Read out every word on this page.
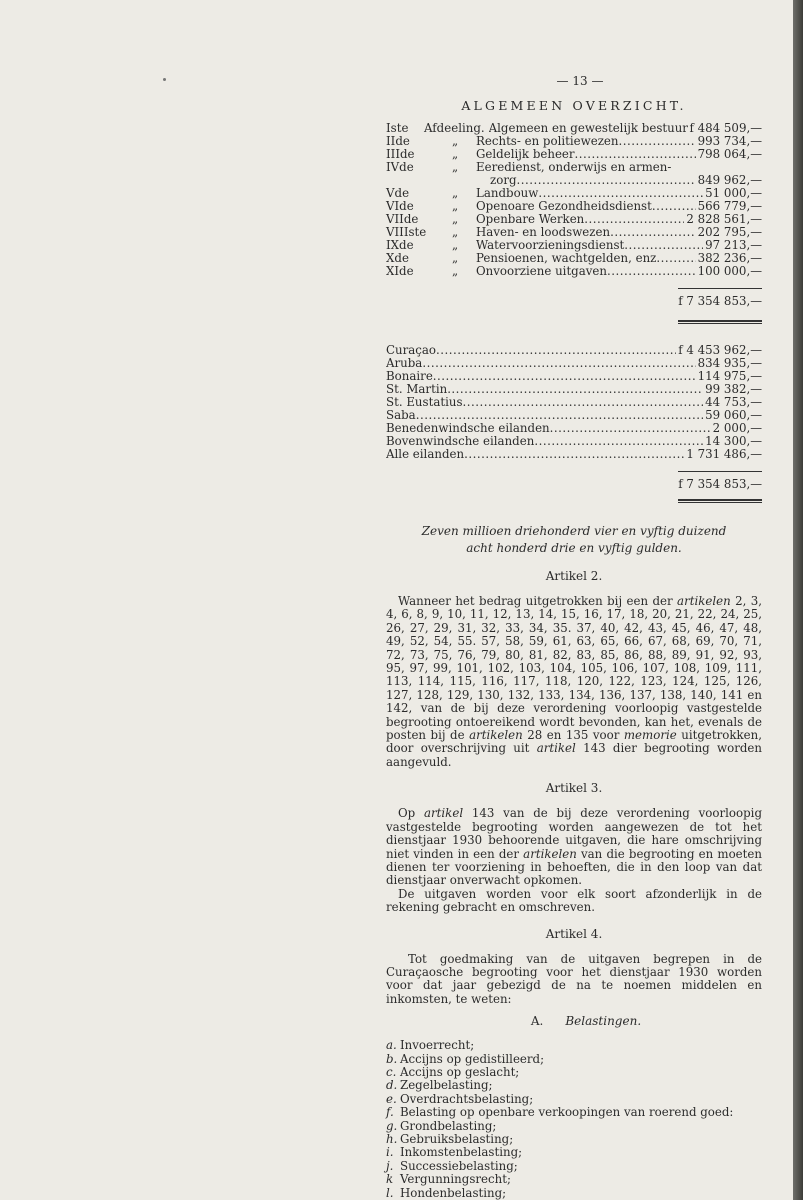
— 13 —
ALGEMEEN OVERZICHT.
Iste	Afdeeling. Algemeen en gewestelijk bestuur f 484 509,—
IIde	„	Rechts- en politiewezen .....	993 734,—
IIIde	„	Geldelijk beheer .....	798 064,—
IVde	„	Eeredienst, onderwijs en armen-
zorg .....	849 962,—
Vde	„	Landbouw .....	51 000,—
VIde	„	Openoare Gezondheidsdienst .....	566 779,—
VIIde	„	Openbare Werken .....	2 828 561,—
VIIIste	„	Haven- en loodswezen .....	202 795,—
IXde	„	Watervoorzieningsdienst .....	97 213,—
Xde	„	Pensioenen, wachtgelden, enz .....	382 236,—
XIde	„	Onvoorziene uitgaven .....	100 000,—
f 7 354 853,—
Curaçao .....	f 4 453 962,—
Aruba .....	834 935,—
Bonaire .....	114 975,—
St. Martin .....	99 382,—
St. Eustatius .....	44 753,—
Saba .....	59 060,—
Benedenwindsche eilanden .....	2 000,—
Bovenwindsche eilanden .....	14 300,—
Alle eilanden .....	1 731 486,—
f 7 354 853,—
Zeven millioen driehonderd vier en vyftig duizend
acht honderd drie en vyftig gulden.
Artikel 2.

Wanneer het bedrag uitgetrokken bij een der artikelen 2, 3, 4, 6, 8, 9, 10, 11, 12, 13, 14, 15, 16, 17, 18, 20, 21, 22, 24, 25, 26, 27, 29, 31, 32, 33, 34, 35. 37, 40, 42, 43, 45, 46, 47, 48, 49, 52, 54, 55. 57, 58, 59, 61, 63, 65, 66, 67, 68, 69, 70, 71, 72, 73, 75, 76, 79, 80, 81, 82, 83, 85, 86, 88, 89, 91, 92, 93, 95, 97, 99, 101, 102, 103, 104, 105, 106, 107, 108, 109, 111, 113, 114, 115, 116, 117, 118, 120, 122, 123, 124, 125, 126, 127, 128, 129, 130, 132, 133, 134, 136, 137, 138, 140, 141 en 142, van de bij deze verordening voorloopig vastgestelde begrooting ontoereikend wordt bevonden, kan het, evenals de posten bij de artikelen 28 en 135 voor memorie uitgetrokken, door overschrijving uit artikel 143 dier begrooting worden aangevuld.

Artikel 3.

Op artikel 143 van de bij deze verordening voorloopig vastgestelde begrooting worden aangewezen de tot het dienstjaar 1930 behoorende uitgaven, die hare omschrijving niet vinden in een der artikelen van die begrooting en moeten dienen ter voorziening in behoeften, die in den loop van dat dienstjaar onverwacht opkomen.

De uitgaven worden voor elk soort afzonderlijk in de rekening gebracht en omschreven.

Artikel 4.

Tot goedmaking van de uitgaven begrepen in de Curaçaosche begrooting voor het dienstjaar 1930 worden voor dat jaar gebezigd de na te noemen middelen en inkomsten, te weten:

A. Belastingen.
a. Invoerrecht;
b. Accijns op gedistilleerd;
c. Accijns op geslacht;
d. Zegelbelasting;
e. Overdrachtsbelasting;
f. Belasting op openbare verkoopingen van roerend goed:
g. Grondbelasting;
h. Gebruiksbelasting;
i. Inkomstenbelasting;
j. Successiebelasting;
k Vergunningsrecht;
l. Hondenbelasting;
